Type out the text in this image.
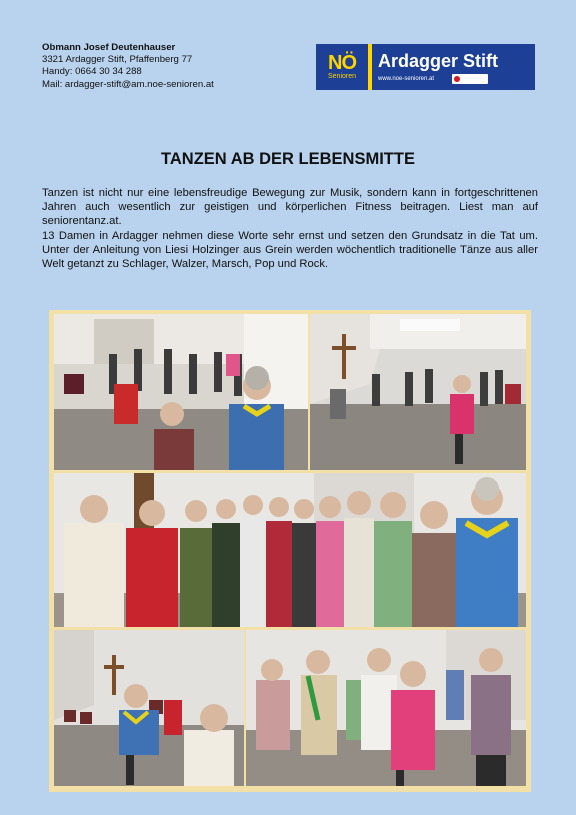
Obmann Josef Deutenhauser
3321 Ardagger Stift, Pfaffenberg 77
Handy: 0664 30 34 288
Mail: ardagger-stift@am.noe-senioren.at
NÖ
Senioren
Ardagger Stift
www.noe-senioren.at
TANZEN AB DER LEBENSMITTE

Tanzen ist nicht nur eine lebensfreudige Bewegung zur Musik, sondern kann in fortgeschrittenen Jahren auch wesentlich zur geistigen und körperlichen Fitness beitragen. Liest man auf seniorentanz.at.

13 Damen in Ardagger nehmen diese Worte sehr ernst und setzen den Grundsatz in die Tat um. Unter der Anleitung von Liesi Holzinger aus Grein werden wöchentlich traditionelle Tänze aus aller Welt getanzt zu Schlager, Walzer, Marsch, Pop und Rock.
